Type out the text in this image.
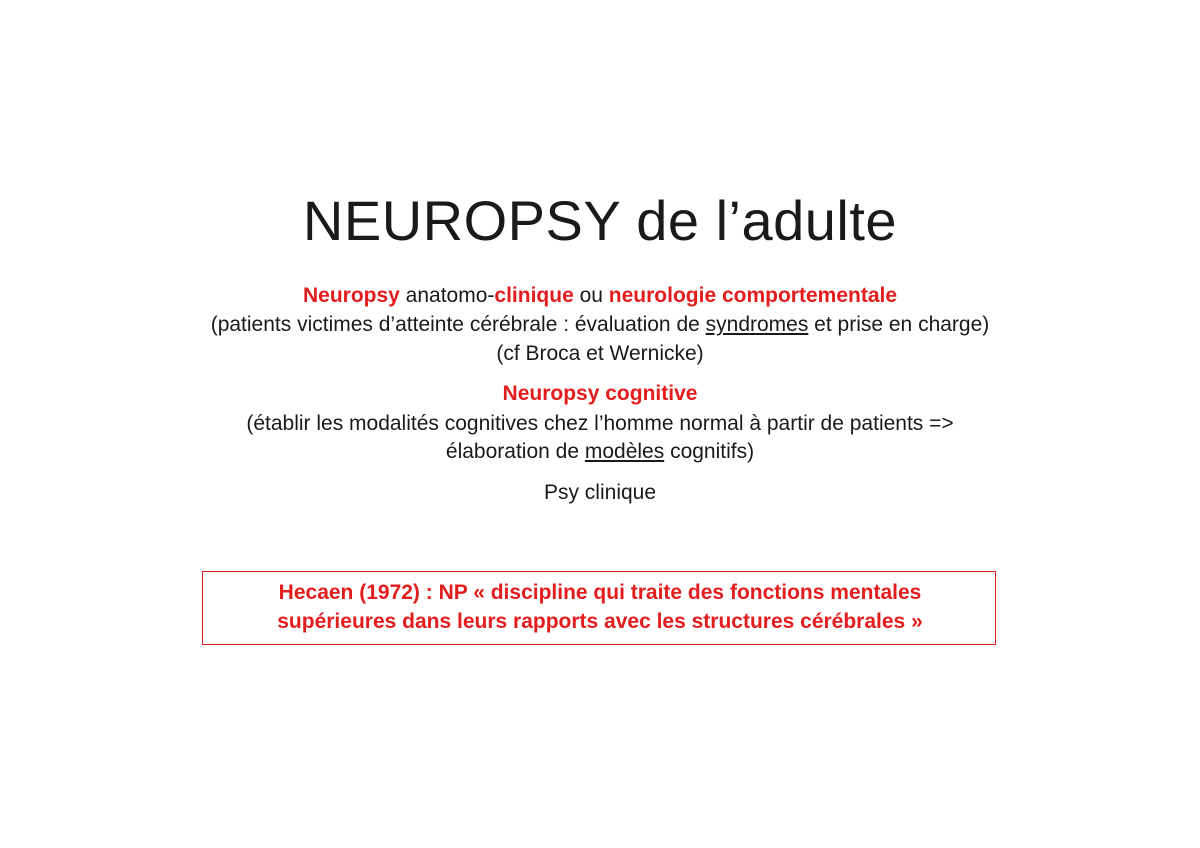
NEUROPSY de l’adulte
Neuropsy anatomo-clinique ou neurologie comportementale
(patients victimes d’atteinte cérébrale : évaluation de syndromes et prise en charge)
(cf Broca et Wernicke)
Neuropsy cognitive
(établir les modalités cognitives chez l’homme normal à partir de patients =>
élaboration de modèles cognitifs)
Psy clinique
Hecaen (1972) : NP « discipline qui traite des fonctions mentales
supérieures dans leurs rapports avec les structures cérébrales »
